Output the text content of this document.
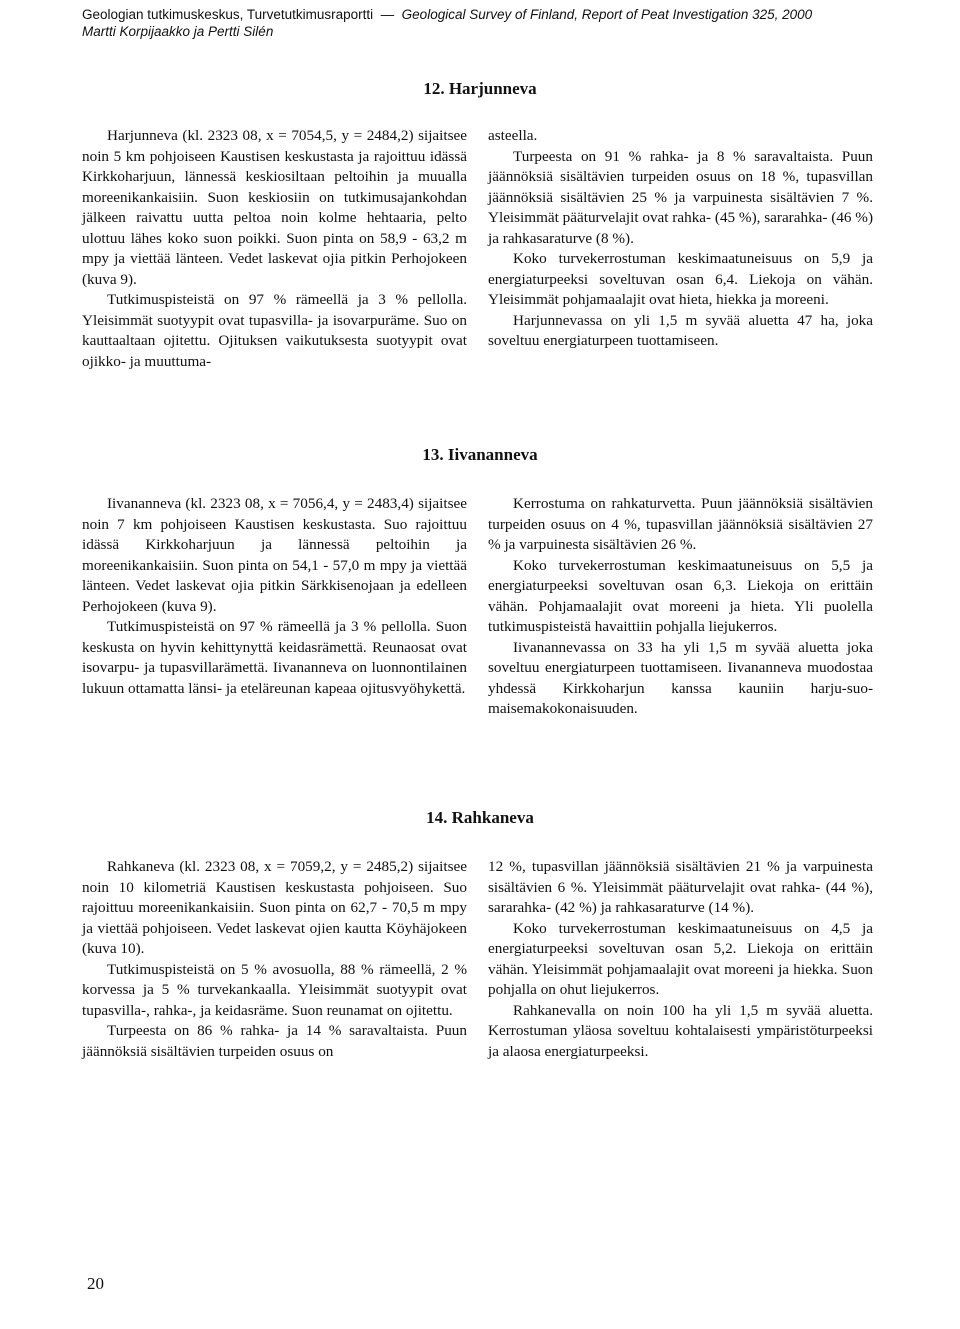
Geologian tutkimuskeskus, Turvetutkimusraportti  —  Geological Survey of Finland, Report of Peat Investigation 325, 2000
Martti Korpijaakko ja Pertti Silén
12. Harjunneva

Harjunneva (kl. 2323 08, x = 7054,5, y = 2484,2) sijaitsee noin 5 km pohjoiseen Kaustisen keskustasta ja rajoittuu idässä Kirkkoharjuun, lännessä keskiosiltaan peltoihin ja muualla moreenikankaisiin. Suon keskiosiin on tutkimusajankohdan jälkeen raivattu uutta peltoa noin kolme hehtaaria, pelto ulottuu lähes koko suon poikki. Suon pinta on 58,9 - 63,2 m mpy ja viettää länteen. Vedet laskevat ojia pitkin Perhojokeen (kuva 9).

Tutkimuspisteistä on 97 % rämeellä ja 3 % pellolla. Yleisimmät suotyypit ovat tupasvilla- ja isovarpuräme. Suo on kauttaaltaan ojitettu. Ojituksen vaikutuksesta suotyypit ovat ojikko- ja muuttuma-

asteella.

Turpeesta on 91 % rahka- ja 8 % saravaltaista. Puun jäännöksiä sisältävien turpeiden osuus on 18 %, tupasvillan jäännöksiä sisältävien 25 % ja varpuinesta sisältävien 7 %. Yleisimmät pääturvelajit ovat rahka- (45 %), sararahka- (46 %) ja rahkasaraturve (8 %).

Koko turvekerrostuman keskimaatuneisuus on 5,9 ja energiaturpeeksi soveltuvan osan 6,4. Liekoja on vähän. Yleisimmät pohjamaalajit ovat hieta, hiekka ja moreeni.

Harjunnevassa on yli 1,5 m syvää aluetta 47 ha, joka soveltuu energiaturpeen tuottamiseen.

13. Iivananneva

Iivananneva (kl. 2323 08, x = 7056,4, y = 2483,4) sijaitsee noin 7 km pohjoiseen Kaustisen keskustasta. Suo rajoittuu idässä Kirkkoharjuun ja lännessä peltoihin ja moreenikankaisiin. Suon pinta on 54,1 - 57,0 m mpy ja viettää länteen. Vedet laskevat ojia pitkin Särkkisenojaan ja edelleen Perhojokeen (kuva 9).

Tutkimuspisteistä on 97 % rämeellä ja 3 % pellolla. Suon keskusta on hyvin kehittynyttä keidasrämettä. Reunaosat ovat isovarpu- ja tupasvillarämettä. Iivananneva on luonnontilainen lukuun ottamatta länsi- ja eteläreunan kapeaa ojitusvyöhykettä.

Kerrostuma on rahkaturvetta. Puun jäännöksiä sisältävien turpeiden osuus on 4 %, tupasvillan jäännöksiä sisältävien 27 % ja varpuinesta sisältävien 26 %.

Koko turvekerrostuman keskimaatuneisuus on 5,5 ja energiaturpeeksi soveltuvan osan 6,3. Liekoja on erittäin vähän. Pohjamaalajit ovat moreeni ja hieta. Yli puolella tutkimuspisteistä havaittiin pohjalla liejukerros.

Iivanannevassa on 33 ha yli 1,5 m syvää aluetta joka soveltuu energiaturpeen tuottamiseen. Iivananneva muodostaa yhdessä Kirkkoharjun kanssa kauniin harju-suo-maisemakokonaisuuden.

14. Rahkaneva

Rahkaneva (kl. 2323 08, x = 7059,2, y = 2485,2) sijaitsee noin 10 kilometriä Kaustisen keskustasta pohjoiseen. Suo rajoittuu moreenikankaisiin. Suon pinta on 62,7 - 70,5 m mpy ja viettää pohjoiseen. Vedet laskevat ojien kautta Köyhäjokeen (kuva 10).

Tutkimuspisteistä on 5 % avosuolla, 88 % rämeellä, 2 % korvessa ja 5 % turvekankaalla. Yleisimmät suotyypit ovat tupasvilla-, rahka-, ja keidasräme. Suon reunamat on ojitettu.

Turpeesta on 86 % rahka- ja 14 % saravaltaista. Puun jäännöksiä sisältävien turpeiden osuus on

12 %, tupasvillan jäännöksiä sisältävien 21 % ja varpuinesta sisältävien 6 %. Yleisimmät pääturvelajit ovat rahka- (44 %), sararahka- (42 %) ja rahkasaraturve (14 %).

Koko turvekerrostuman keskimaatuneisuus on 4,5 ja energiaturpeeksi soveltuvan osan 5,2. Liekoja on erittäin vähän. Yleisimmät pohjamaalajit ovat moreeni ja hiekka. Suon pohjalla on ohut liejukerros.

Rahkanevalla on noin 100 ha yli 1,5 m syvää aluetta. Kerrostuman yläosa soveltuu kohtalaisesti ympäristöturpeeksi ja alaosa energiaturpeeksi.

20
